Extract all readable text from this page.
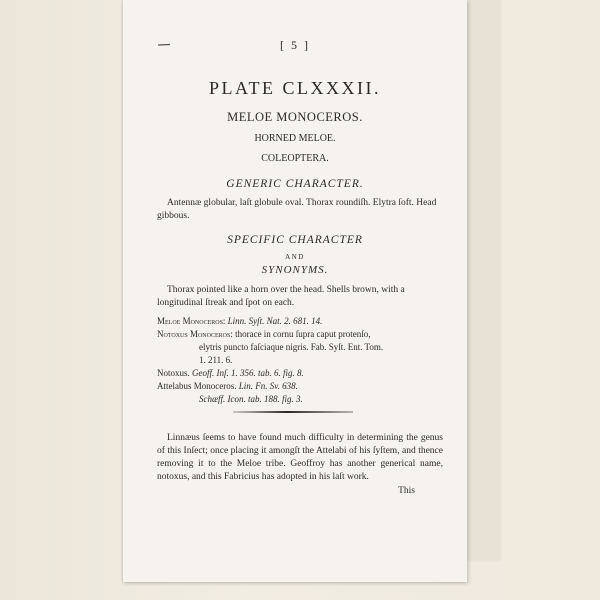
[ 5 ]
PLATE CLXXXII.
MELOE MONOCEROS.
HORNED MELOE.
COLEOPTERA.
GENERIC CHARACTER.
Antennæ globular, laſt globule oval. Thorax roundiſh. Elytra ſoft. Head gibbous.
SPECIFIC CHARACTER
AND
SYNONYMS.
Thorax pointed like a horn over the head. Shells brown, with a longitudinal ſtreak and ſpot on each.
Meloe Monoceros: Linn. Syſt. Nat. 2. 681. 14.
Notoxus Monoceros: thorace in cornu ſupra caput protenſo,
elytris puncto faſciaque nigris. Fab. Syſt. Ent. Tom.
1. 211. 6.
Notoxus. Geoff. Inſ. 1. 356. tab. 6. fig. 8.
Attelabus Monoceros. Lin. Fn. Sv. 638.
Schæff. Icon. tab. 188. fig. 3.
Linnæus ſeems to have found much difficulty in determining the genus of this Inſect; once placing it amongſt the Attelabi of his ſyſtem, and thence removing it to the Meloe tribe. Geoffroy has another generical name, notoxus, and this Fabricius has adopted in his laſt work.
This
